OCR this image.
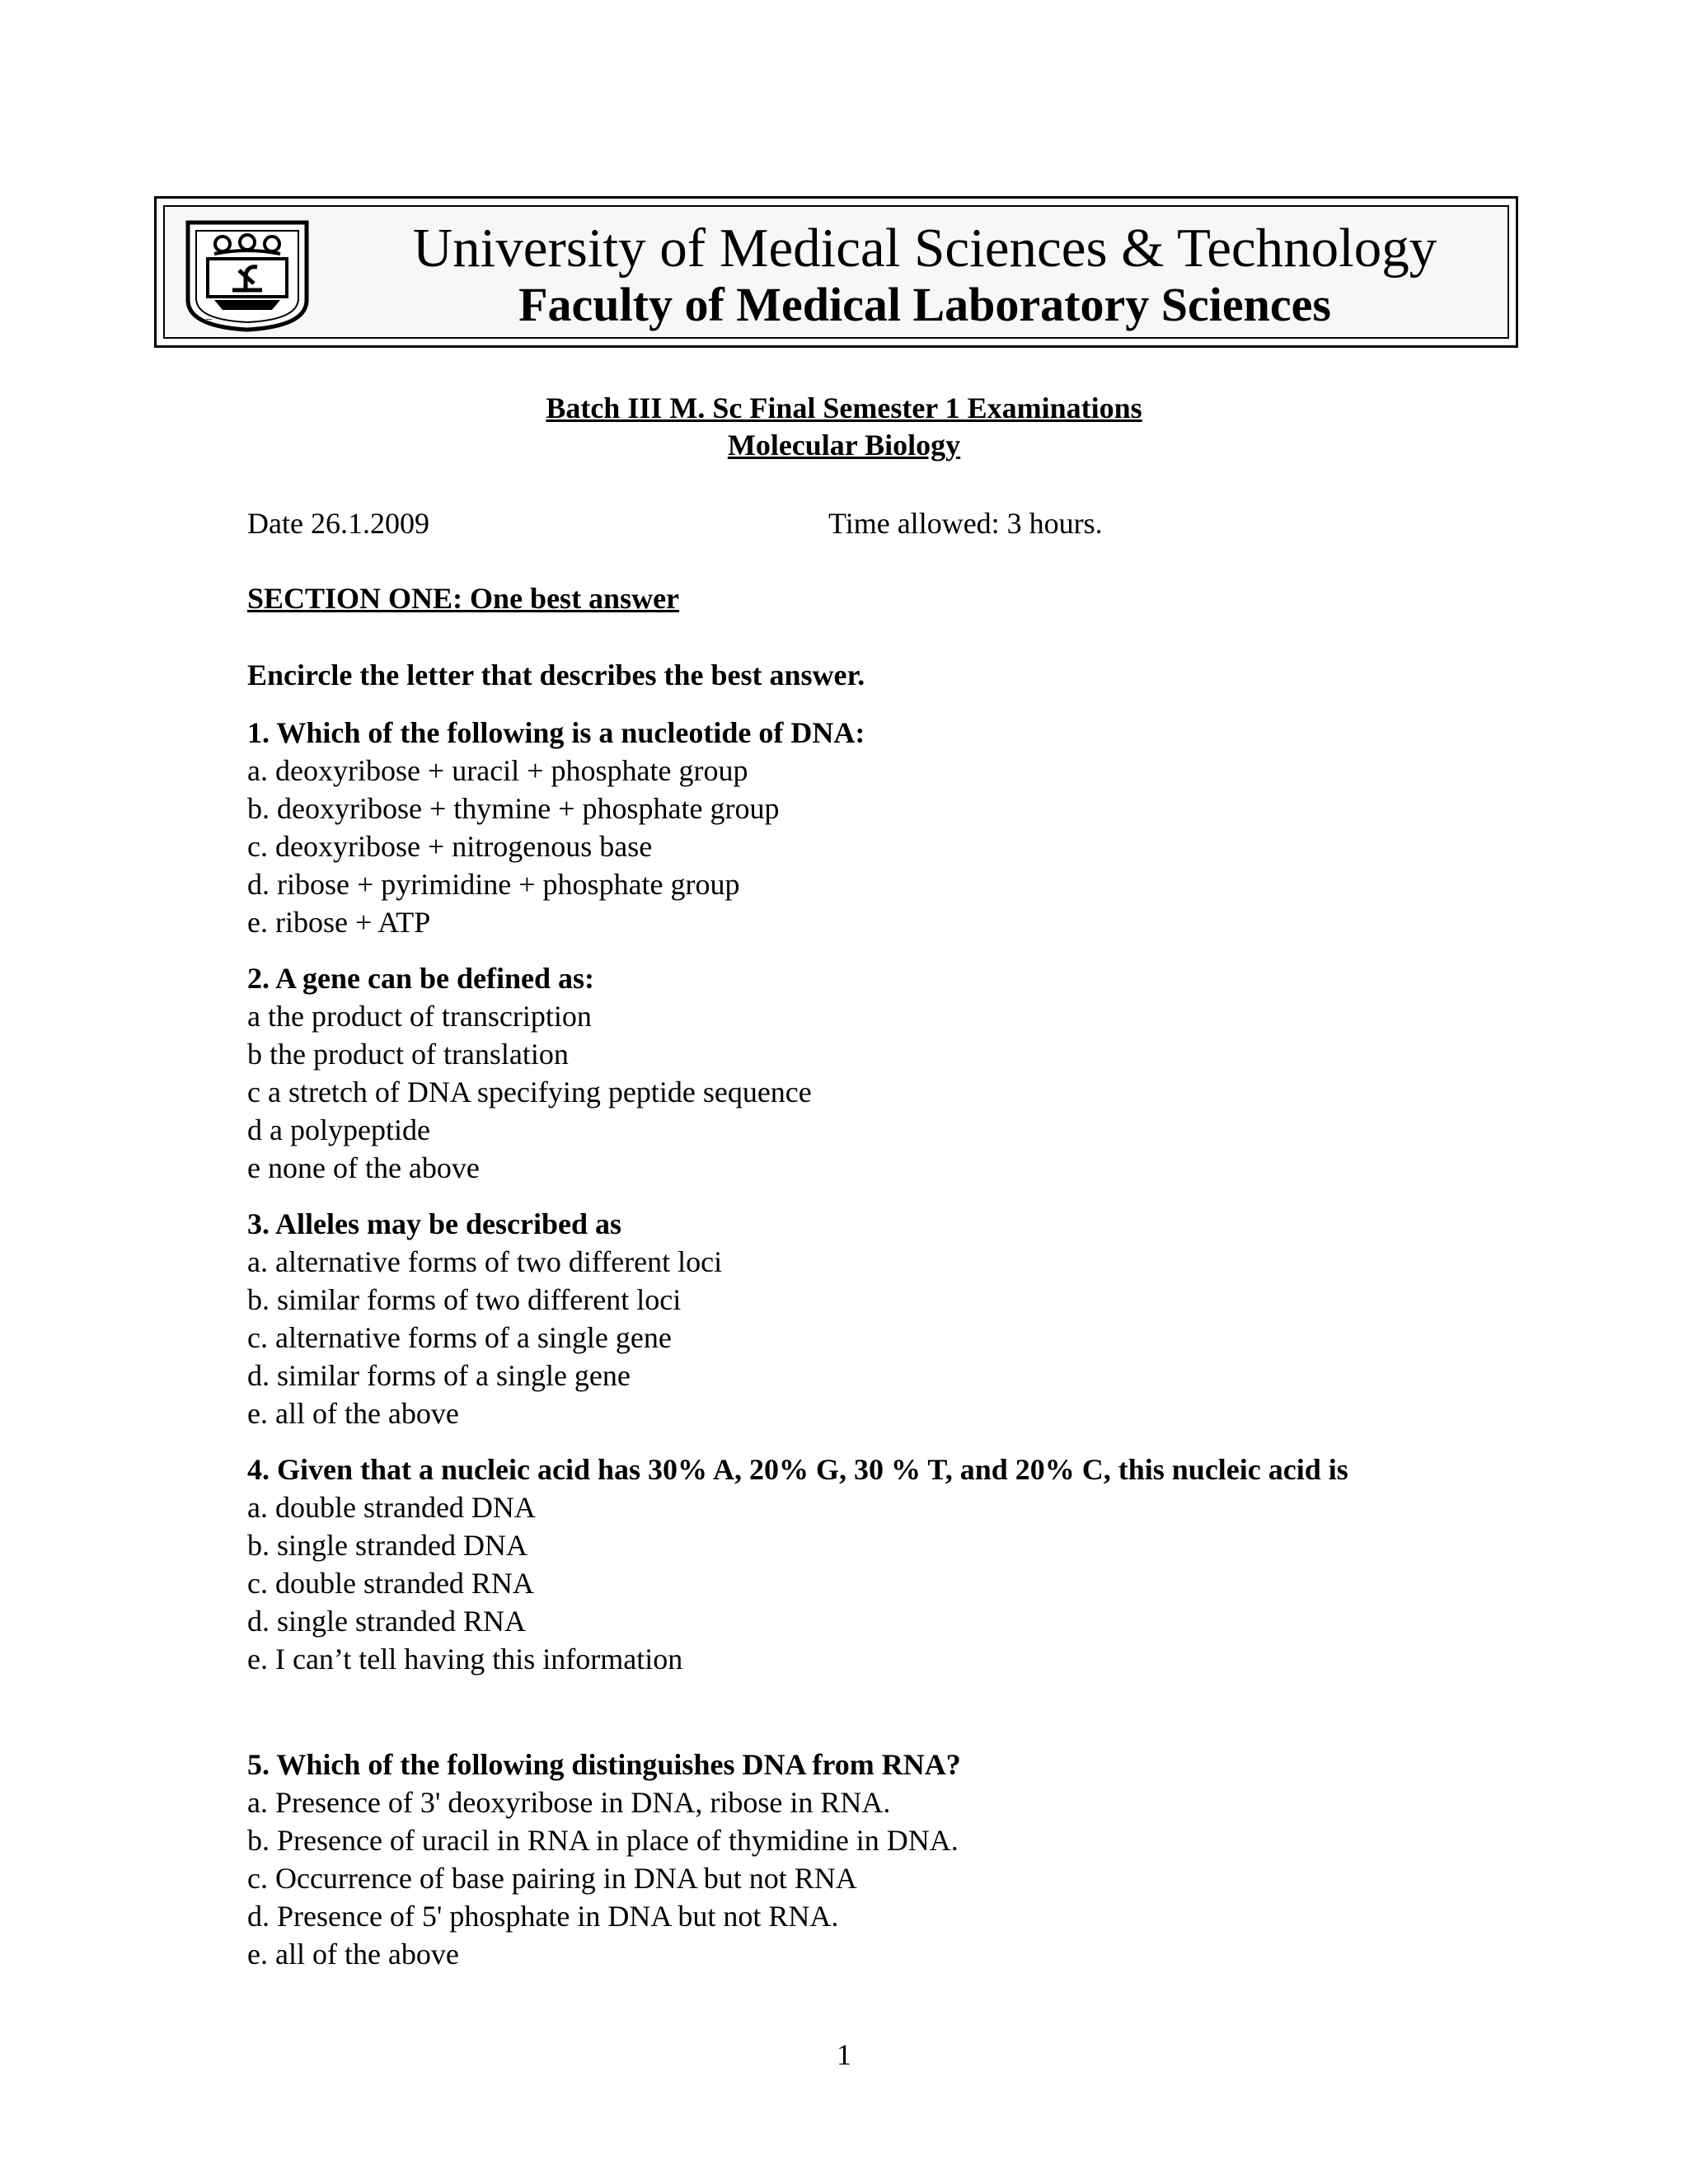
ـــ
University of Medical Sciences & Technology
Faculty of Medical Laboratory Sciences
Batch III M. Sc Final Semester 1 Examinations
Molecular Biology
Date 26.1.2009	Time allowed: 3 hours.
SECTION ONE: One best answer
Encircle the letter that describes the best answer.
1. Which of the following is a nucleotide of DNA:
a. deoxyribose + uracil + phosphate group
b. deoxyribose + thymine + phosphate group
c. deoxyribose + nitrogenous base
d. ribose + pyrimidine + phosphate group
e. ribose + ATP
2. A gene can be defined as:
a the product of transcription
b the product of translation
c a stretch of DNA specifying peptide sequence
d a polypeptide
e none of the above
3. Alleles may be described as
a. alternative forms of two different loci
b. similar forms of two different loci
c. alternative forms of a single gene
d. similar forms of a single gene
e. all of the above
4. Given that a nucleic acid has 30% A, 20% G, 30 % T, and 20% C, this nucleic acid is
a. double stranded DNA
b. single stranded DNA
c. double stranded RNA
d. single stranded RNA
e. I can’t tell having this information
5. Which of the following distinguishes DNA from RNA?
a. Presence of 3' deoxyribose in DNA, ribose in RNA.
b. Presence of uracil in RNA in place of thymidine in DNA.
c. Occurrence of base pairing in DNA but not RNA
d. Presence of 5' phosphate in DNA but not RNA.
e. all of the above
1
